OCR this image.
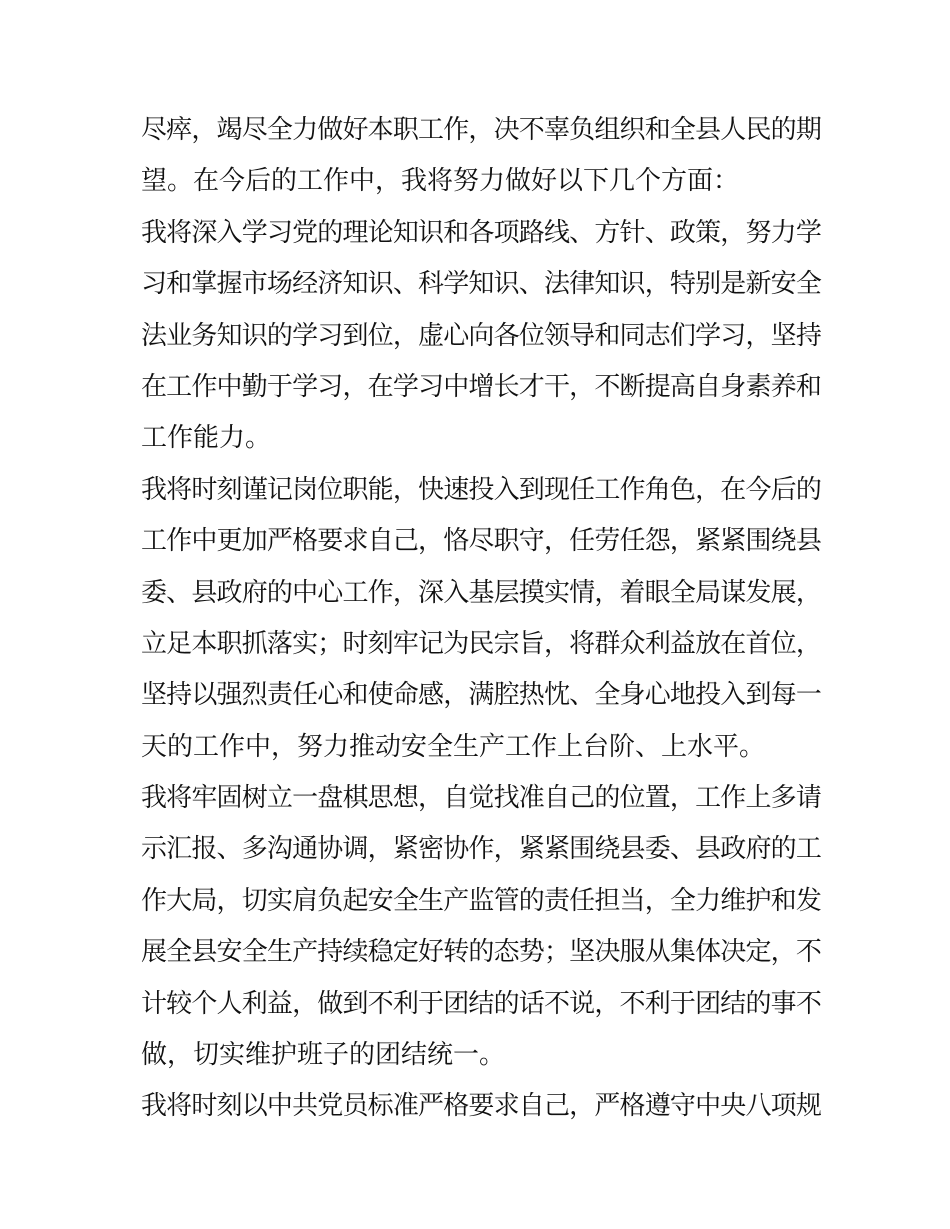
尽瘁，竭尽全力做好本职工作，决不辜负组织和全县人民的期
望。在今后的工作中，我将努力做好以下几个方面：
我将深入学习党的理论知识和各项路线、方针、政策，努力学
习和掌握市场经济知识、科学知识、法律知识，特别是新安全
法业务知识的学习到位，虚心向各位领导和同志们学习，坚持
在工作中勤于学习，在学习中增长才干，不断提高自身素养和
工作能力。
我将时刻谨记岗位职能，快速投入到现任工作角色，在今后的
工作中更加严格要求自己，恪尽职守，任劳任怨，紧紧围绕县
委、县政府的中心工作，深入基层摸实情，着眼全局谋发展，
立足本职抓落实；时刻牢记为民宗旨，将群众利益放在首位，
坚持以强烈责任心和使命感，满腔热忱、全身心地投入到每一
天的工作中，努力推动安全生产工作上台阶、上水平。
我将牢固树立一盘棋思想，自觉找准自己的位置，工作上多请
示汇报、多沟通协调，紧密协作，紧紧围绕县委、县政府的工
作大局，切实肩负起安全生产监管的责任担当，全力维护和发
展全县安全生产持续稳定好转的态势；坚决服从集体决定，不
计较个人利益，做到不利于团结的话不说，不利于团结的事不
做，切实维护班子的团结统一。
我将时刻以中共党员标准严格要求自己，严格遵守中央八项规
